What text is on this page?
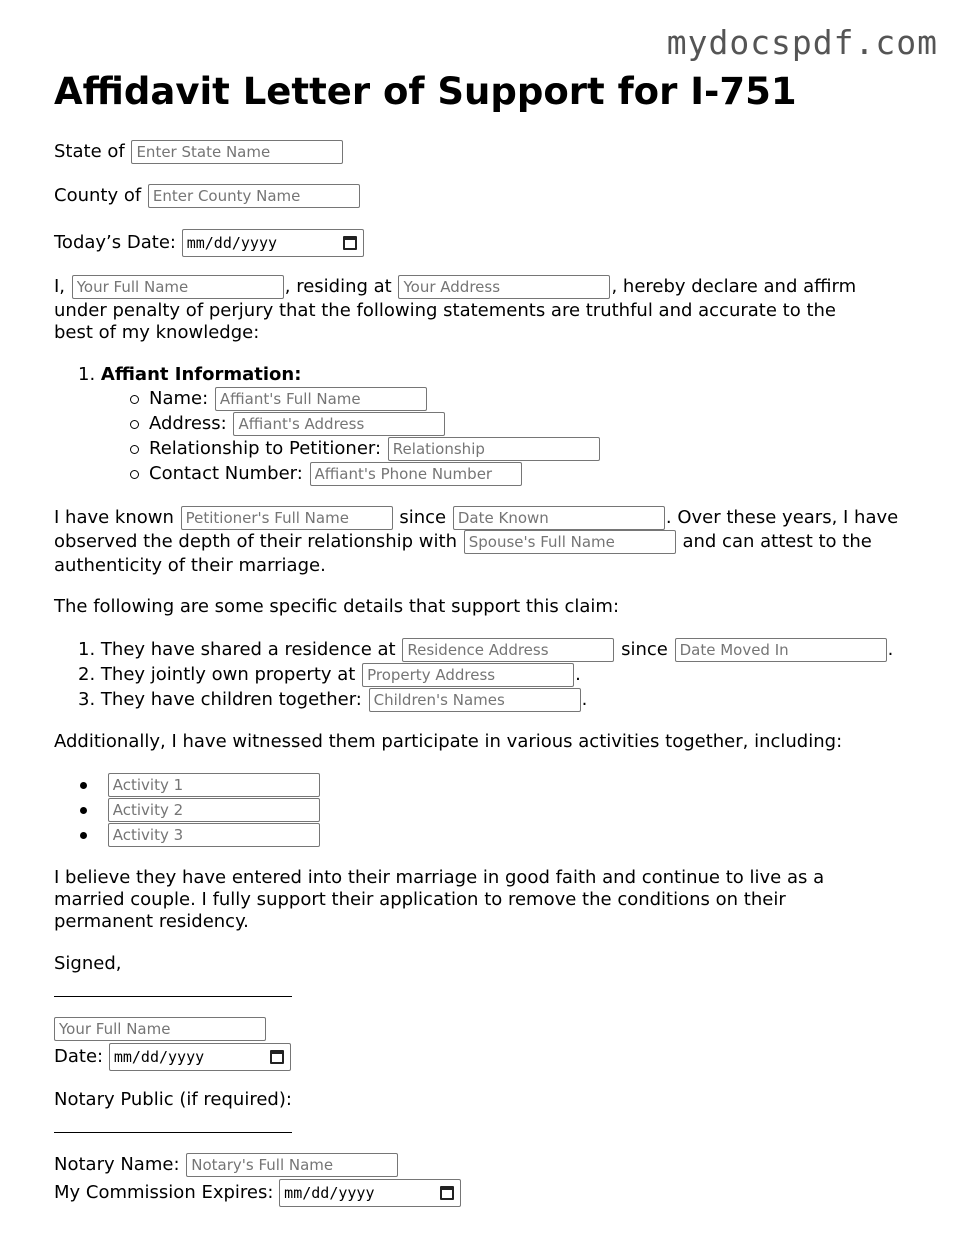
mydocspdf.com
Affidavit Letter of Support for I-751
State of Enter State Name
County of Enter County Name
Today’s Date: mm/dd/yyyy
I, Your Full Name	, residing at Your Address	, hereby declare and affirm
under penalty of perjury that the following statements are truthful and accurate to the
best of my knowledge:
1. Affiant Information:
Name: Affiant's Full Name
Address: Affiant's Address
Relationship to Petitioner: Relationship
Contact Number: Affiant's Phone Number
I have known Petitioner's Full Name	since Date Known	. Over these years, I have
observed the depth of their relationship with Spouse's Full Name	and can attest to the
authenticity of their marriage.
The following are some specific details that support this claim:
1. They have shared a residence at Residence Address	since Date Moved In	.
2. They jointly own property at Property Address	.
3. They have children together: Children's Names	.
Additionally, I have witnessed them participate in various activities together, including:
Activity 1
Activity 2
Activity 3
I believe they have entered into their marriage in good faith and continue to live as a
married couple. I fully support their application to remove the conditions on their
permanent residency.
Signed,
Your Full Name
Date: mm/dd/yyyy
Notary Public (if required):
Notary Name: Notary's Full Name
My Commission Expires: mm/dd/yyyy
